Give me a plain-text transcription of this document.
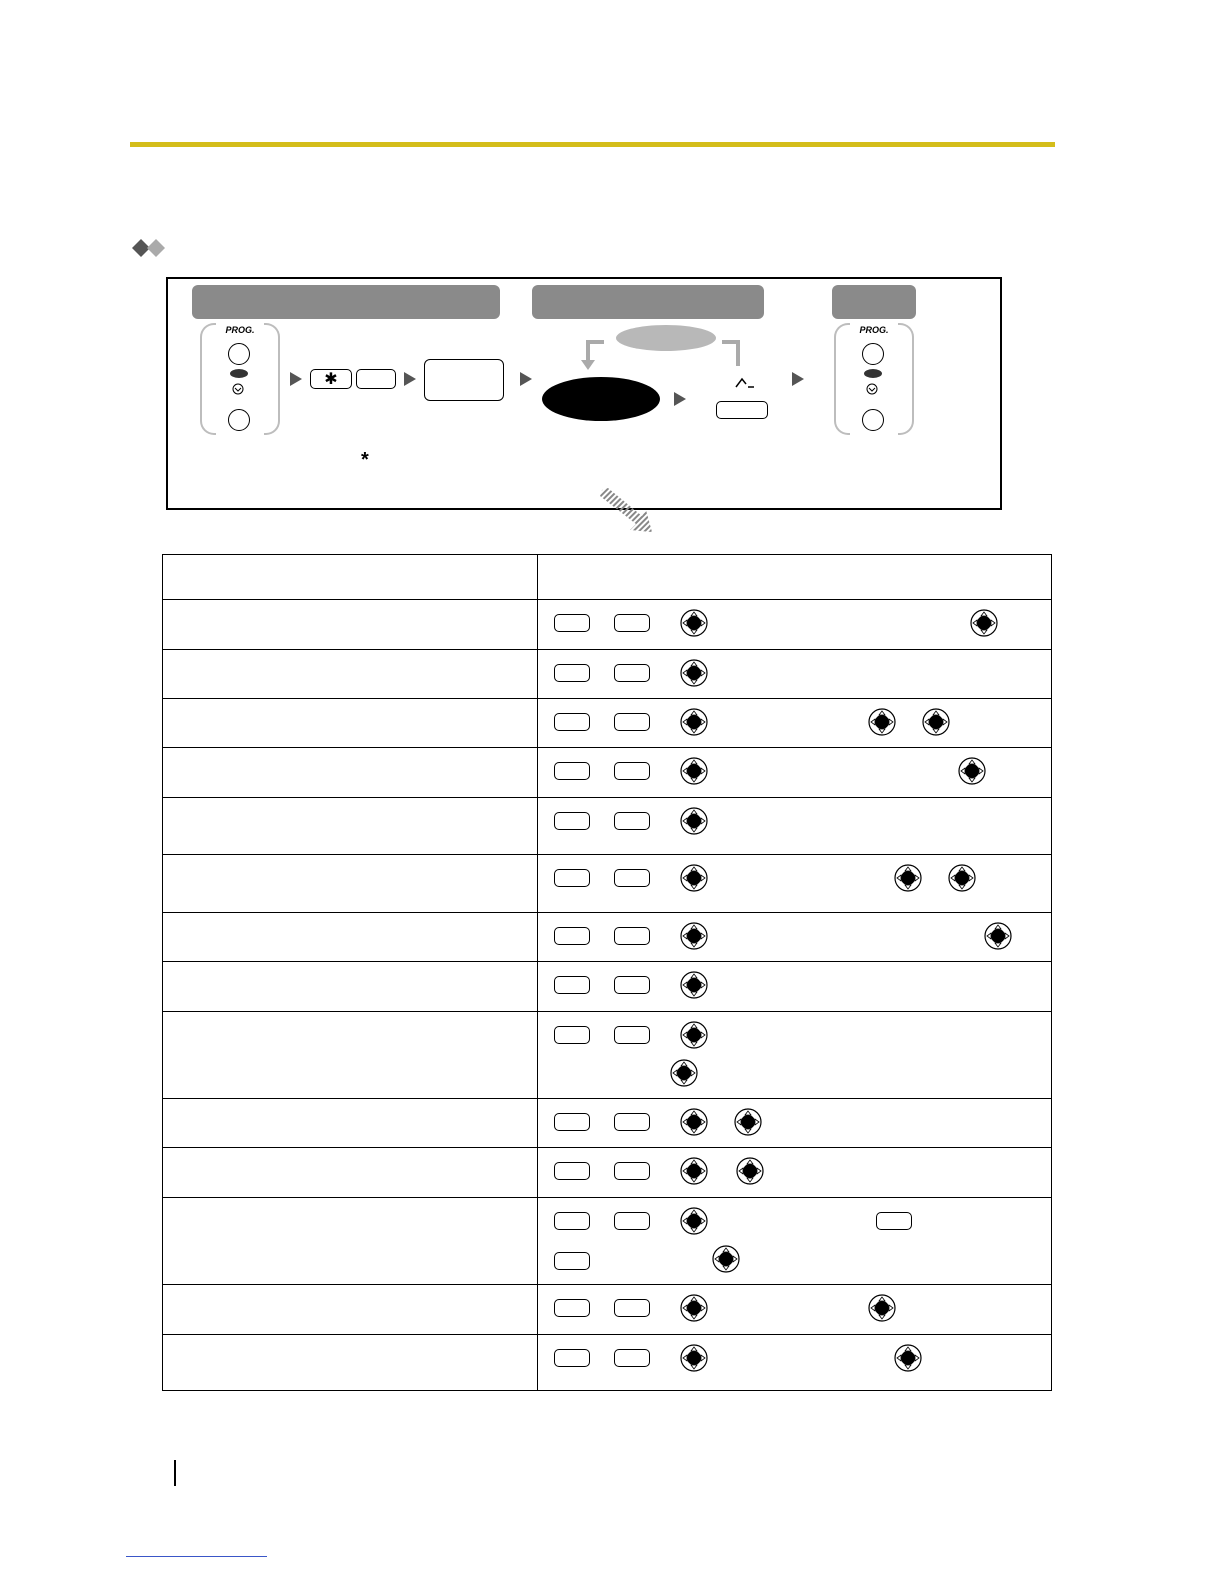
PROG.
✱
PROG.
*
